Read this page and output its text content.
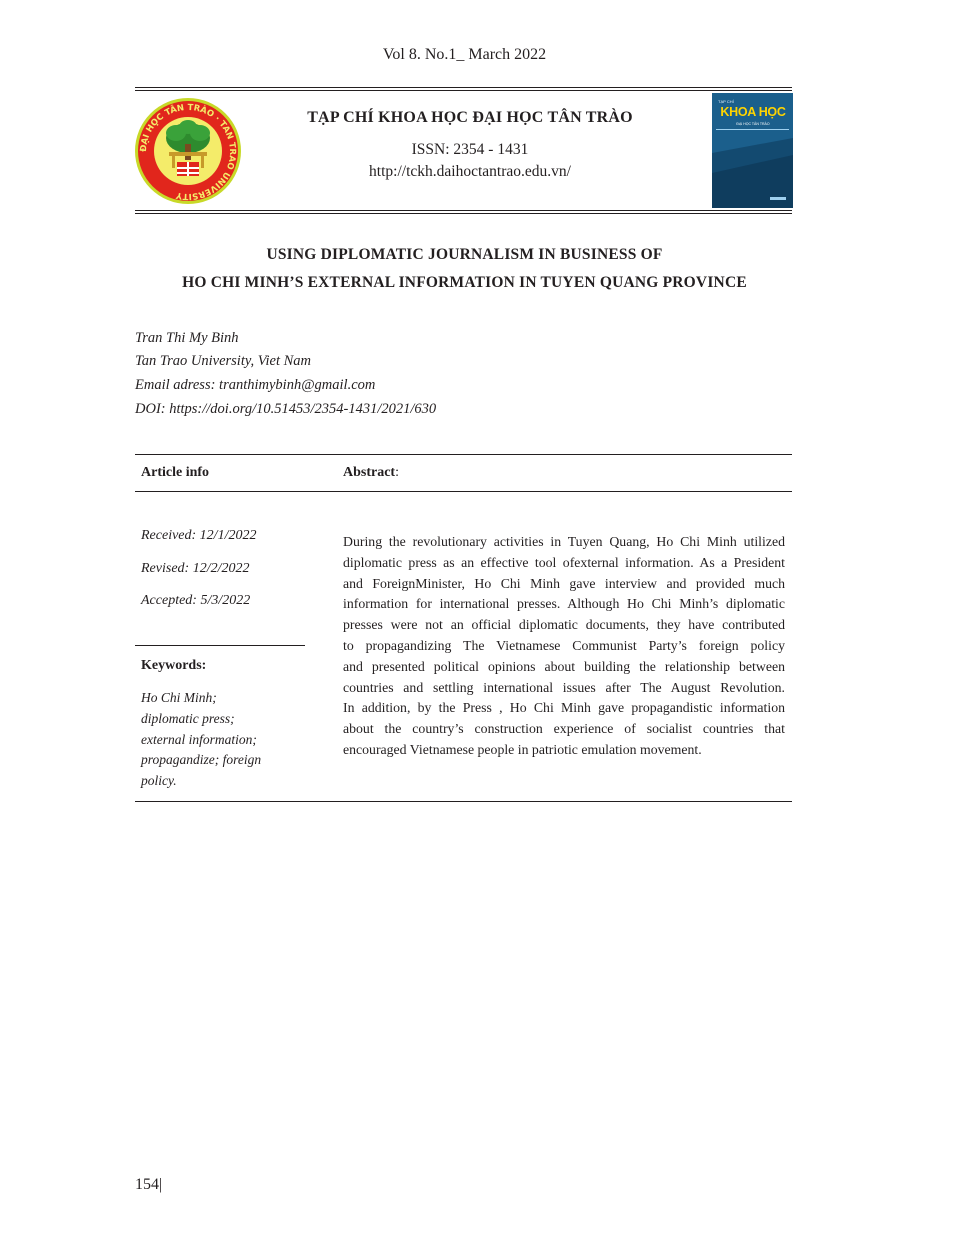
Vol 8. No.1_ March 2022
ĐẠI HỌC TÂN TRÀO · TAN TRAO UNIVERSITY
TẠP CHÍ KHOA HỌC ĐẠI HỌC TÂN TRÀO
ISSN: 2354 - 1431
http://tckh.daihoctantrao.edu.vn/
TẠP CHÍ
KHOA HỌC
ĐẠI HỌC TÂN TRÀO
USING DIPLOMATIC JOURNALISM IN BUSINESS OF
HO CHI MINH’S EXTERNAL INFORMATION IN TUYEN QUANG PROVINCE
Tran Thi My Binh
Tan Trao University, Viet Nam
Email adress: tranthimybinh@gmail.com
DOI: https://doi.org/10.51453/2354-1431/2021/630
Article info	Abstract:
Received: 12/1/2022
Revised: 12/2/2022
Accepted: 5/3/2022
Keywords:
Ho Chi Minh;
diplomatic press;
external information;
propagandize; foreign
policy.
During the revolutionary activities in Tuyen Quang, Ho Chi Minh utilized
diplomatic press as an effective tool ofexternal information. As a President
and ForeignMinister, Ho Chi Minh gave interview and provided much
information for international presses. Although Ho Chi Minh’s diplomatic
presses were not an official diplomatic documents, they have contributed
to propagandizing The Vietnamese Communist Party’s foreign policy
and presented political opinions about building the relationship between
countries and settling international issues after The August Revolution.
In addition, by the Press , Ho Chi Minh gave propagandistic information
about the country’s construction experience of socialist countries that
encouraged Vietnamese people in patriotic emulation movement.
154|
